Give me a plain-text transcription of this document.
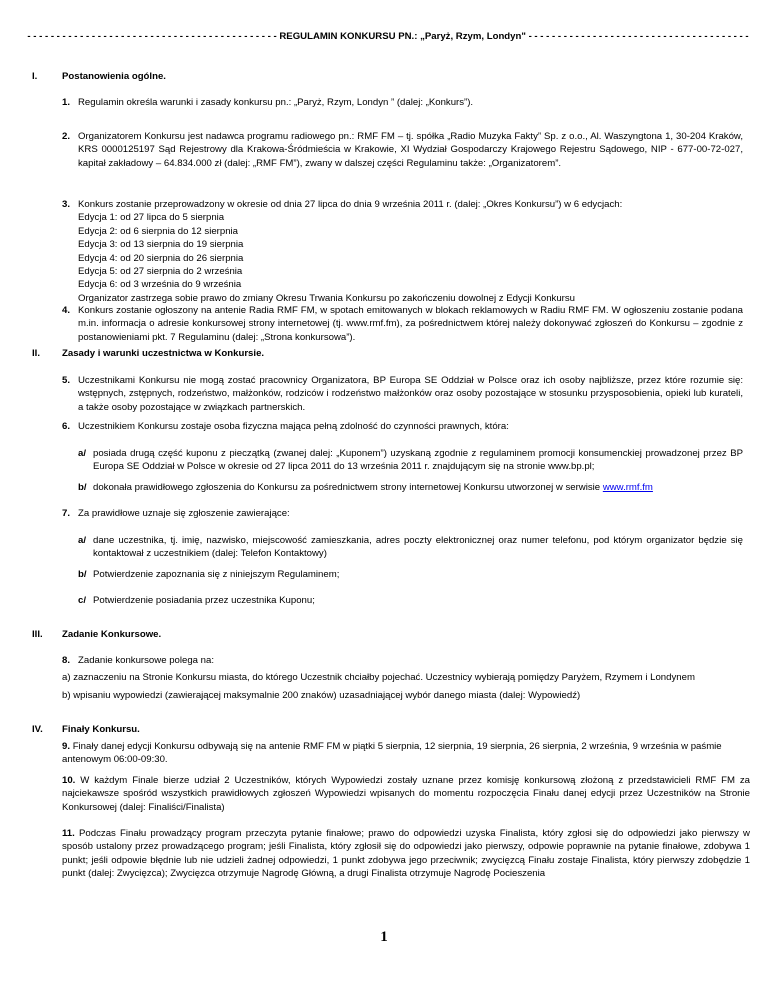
- - - - - - - - - - - - - - - - - - - - - - - - - - - - - - - - - - - - - - - - - - - REGULAMIN KONKURSU PN.: „Paryż, Rzym, Londyn" - - - - - - - - - - - - - - - - - - - - - - - - - - - - - - - - - - - - - -
I.	Postanowienia ogólne.
1. Regulamin określa warunki i zasady konkursu pn.: „Paryż, Rzym, Londyn ” (dalej: „Konkurs”).
2. Organizatorem Konkursu jest nadawca programu radiowego pn.: RMF FM – tj. spółka „Radio Muzyka Fakty” Sp. z o.o., Al. Waszyngtona 1, 30-204 Kraków, KRS 0000125197 Sąd Rejestrowy dla Krakowa-Śródmieścia w Krakowie, XI Wydział Gospodarczy Krajowego Rejestru Sądowego, NIP - 677-00-72-027, kapitał zakładowy – 64.834.000 zł (dalej: „RMF FM”), zwany w dalszej części Regulaminu także: „Organizatorem”.
3. Konkurs zostanie przeprowadzony w okresie od dnia 27 lipca do dnia 9 września 2011 r. (dalej: „Okres Konkursu”) w 6 edycjach:

Edycja 1: od 27 lipca do 5 sierpnia

Edycja 2: od 6 sierpnia do 12 sierpnia

Edycja 3: od 13 sierpnia do 19 sierpnia

Edycja 4: od 20 sierpnia do 26 sierpnia

Edycja 5: od 27 sierpnia do 2 września

Edycja 6: od 3 września do 9 września

Organizator zastrzega sobie prawo do zmiany Okresu Trwania Konkursu po zakończeniu dowolnej z Edycji Konkursu

4. Konkurs zostanie ogłoszony na antenie Radia RMF FM, w spotach emitowanych w blokach reklamowych w Radiu RMF FM. W ogłoszeniu zostanie podana m.in. informacja o adresie konkursowej strony internetowej (tj. www.rmf.fm), za pośrednictwem której należy dokonywać zgłoszeń do Konkursu – zgodnie z postanowieniami pkt. 7 Regulaminu (dalej: „Strona konkursowa”).
II. Zasady i warunki uczestnictwa w Konkursie.
5. Uczestnikami Konkursu nie mogą zostać pracownicy Organizatora, BP Europa SE Oddział w Polsce oraz ich osoby najbliższe, przez które rozumie się: wstępnych, zstępnych, rodzeństwo, małżonków, rodziców i rodzeństwo małżonków oraz osoby pozostające w stosunku przysposobienia, opieki lub kurateli, a także osoby pozostające w związkach partnerskich.
6. Uczestnikiem Konkursu zostaje osoba fizyczna mająca pełną zdolność do czynności prawnych, która:
a/ posiada drugą część kuponu z pieczątką (zwanej dalej: „Kuponem”) uzyskaną zgodnie z regulaminem promocji konsumenckiej prowadzonej przez BP Europa SE Oddział w Polsce w okresie od 27 lipca 2011 do 13 września 2011 r. znajdującym się na stronie www.bp.pl;
b/ dokonała prawidłowego zgłoszenia do Konkursu za pośrednictwem strony internetowej Konkursu utworzonej w serwisie www.rmf.fm
7. Za prawidłowe uznaje się zgłoszenie zawierające:
a/ dane uczestnika, tj. imię, nazwisko, miejscowość zamieszkania, adres poczty elektronicznej oraz numer telefonu, pod którym organizator będzie się kontaktował z uczestnikiem (dalej: Telefon Kontaktowy)
b/ Potwierdzenie zapoznania się z niniejszym Regulaminem;
c/ Potwierdzenie posiadania przez uczestnika Kuponu;
III. Zadanie Konkursowe.
8. Zadanie konkursowe polega na:
a) zaznaczeniu na Stronie Konkursu miasta, do którego Uczestnik chciałby pojechać. Uczestnicy wybierają pomiędzy Paryżem, Rzymem i Londynem
b) wpisaniu wypowiedzi (zawierającej maksymalnie 200 znaków) uzasadniającej wybór danego miasta (dalej: Wypowiedź)
IV. Finały Konkursu.
9. Finały danej edycji Konkursu odbywają się na antenie RMF FM w piątki 5 sierpnia, 12 sierpnia, 19 sierpnia, 26 sierpnia, 2 września, 9 września w paśmie antenowym 06:00-09:30.
10. W każdym Finale bierze udział 2 Uczestników, których Wypowiedzi zostały uznane przez komisję konkursową złożoną z przedstawicieli RMF FM za najciekawsze spośród wszystkich prawidłowych zgłoszeń Wypowiedzi wpisanych do momentu rozpoczęcia Finału danej edycji przez Uczestników na Stronie Konkursowej (dalej: Finaliści/Finalista)
11. Podczas Finału prowadzący program przeczyta pytanie finałowe; prawo do odpowiedzi uzyska Finalista, który zgłosi się do odpowiedzi jako pierwszy w sposób ustalony przez prowadzącego program; jeśli Finalista, który zgłosił się do odpowiedzi jako pierwszy, odpowie poprawnie na pytanie finałowe, zdobywa 1 punkt; jeśli odpowie błędnie lub nie udzieli żadnej odpowiedzi, 1 punkt zdobywa jego przeciwnik; zwycięzcą Finału zostaje Finalista, który pierwszy zdobędzie 1 punkt (dalej: Zwycięzca); Zwycięzca otrzymuje Nagrodę Główną, a drugi Finalista otrzymuje Nagrodę Pocieszenia
1
